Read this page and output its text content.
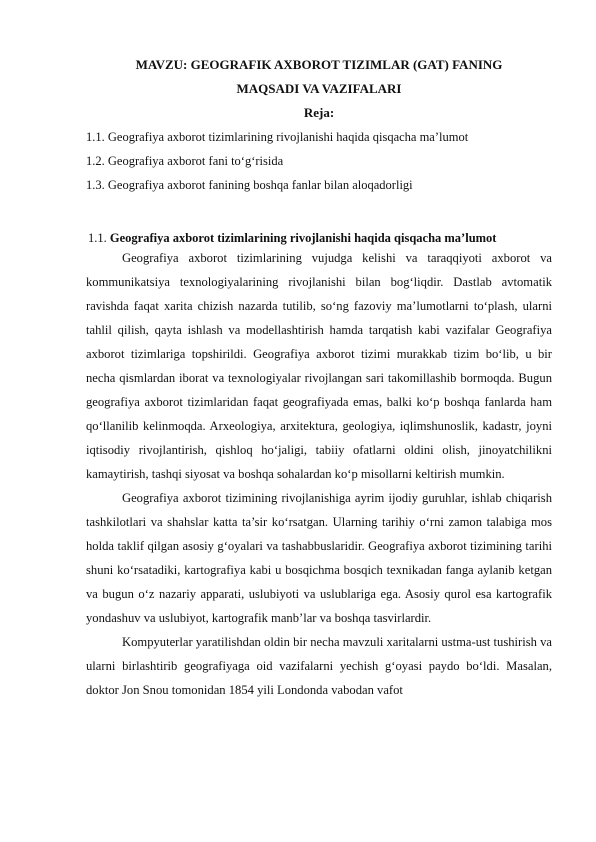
MAVZU: GEOGRAFIK AXBOROT TIZIMLAR (GAT) FANING
MAQSADI VA VAZIFALARI
Reja:
1.1. Geografiya axborot tizimlarining rivojlanishi haqida qisqacha ma’lumot
1.2. Geografiya axborot fani to‘g‘risida
1.3. Geografiya axborot fanining boshqa fanlar bilan aloqadorligi
1.1. Geografiya axborot tizimlarining rivojlanishi haqida qisqacha ma’lumot

Geografiya axborot tizimlarining vujudga kelishi va taraqqiyoti axborot va kommunikatsiya texnologiyalarining rivojlanishi bilan bog‘liqdir. Dastlab avtomatik ravishda faqat xarita chizish nazarda tutilib, so‘ng fazoviy ma’lumotlarni to‘plash, ularni tahlil qilish, qayta ishlash va modellashtirish hamda tarqatish kabi vazifalar Geografiya axborot tizimlariga topshirildi. Geografiya axborot tizimi murakkab tizim bo‘lib, u bir necha qismlardan iborat va texnologiyalar rivojlangan sari takomillashib bormoqda. Bugun geografiya axborot tizimlaridan faqat geografiyada emas, balki ko‘p boshqa fanlarda ham qo‘llanilib kelinmoqda. Arxeologiya, arxitektura, geologiya, iqlimshunoslik, kadastr, joyni iqtisodiy rivojlantirish, qishloq ho‘jaligi, tabiiy ofatlarni oldini olish, jinoyatchilikni kamaytirish, tashqi siyosat va boshqa sohalardan ko‘p misollarni keltirish mumkin.

Geografiya axborot tizimining rivojlanishiga ayrim ijodiy guruhlar, ishlab chiqarish tashkilotlari va shahslar katta ta’sir ko‘rsatgan. Ularning tarihiy o‘rni zamon talabiga mos holda taklif qilgan asosiy g‘oyalari va tashabbuslaridir. Geografiya axborot tizimining tarihi shuni ko‘rsatadiki, kartografiya kabi u bosqichma bosqich texnikadan fanga aylanib ketgan va bugun o‘z nazariy apparati, uslubiyoti va uslublariga ega. Asosiy qurol esa kartografik yondashuv va uslubiyot, kartografik manb’lar va boshqa tasvirlardir.

Kompyuterlar yaratilishdan oldin bir necha mavzuli xaritalarni ustma-ust tushirish va ularni birlashtirib geografiyaga oid vazifalarni yechish g‘oyasi paydo bo‘ldi. Masalan, doktor Jon Snou tomonidan 1854 yili Londonda vabodan vafot
